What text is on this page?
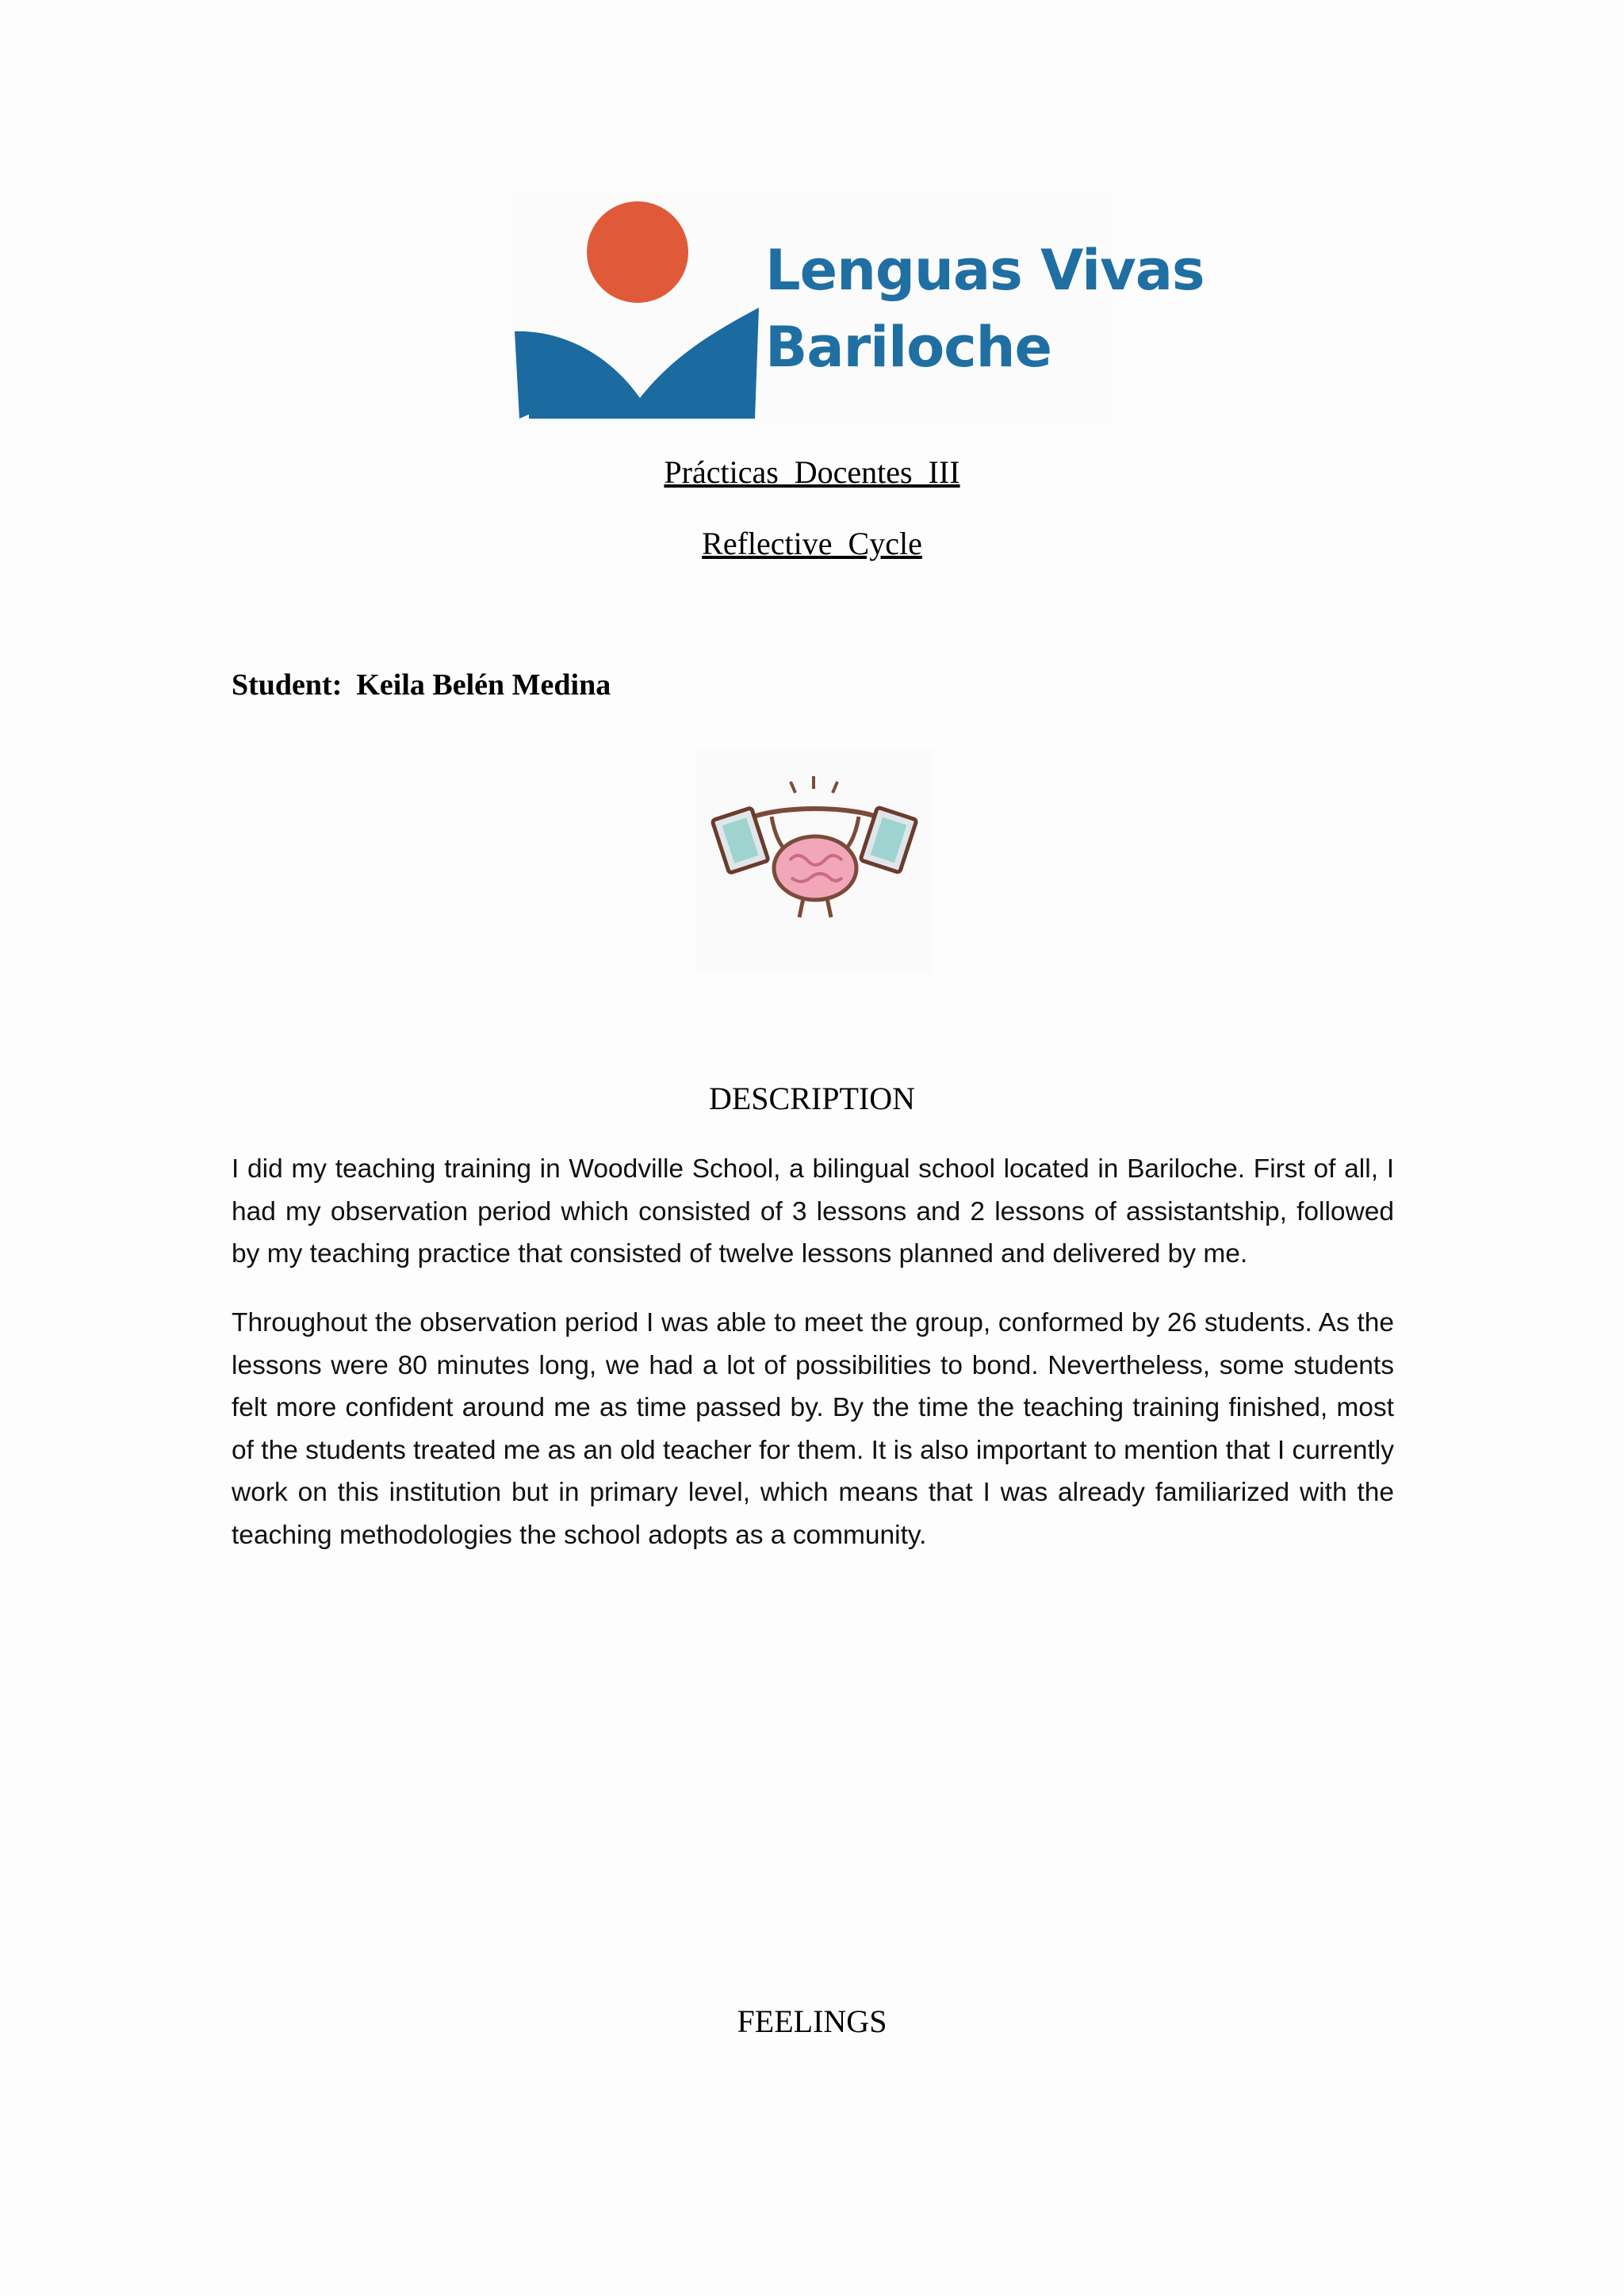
Lenguas Vivas
Bariloche
Prácticas Docentes III
Reflective Cycle
Student: Keila Belén Medina
DESCRIPTION

I did my teaching training in Woodville School, a bilingual school located in Bariloche. First of all, I had my observation period which consisted of 3 lessons and 2 lessons of assistantship, followed by my teaching practice that consisted of twelve lessons planned and delivered by me.

Throughout the observation period I was able to meet the group, conformed by 26 students. As the lessons were 80 minutes long, we had a lot of possibilities to bond. Nevertheless, some students felt more confident around me as time passed by. By the time the teaching training finished, most of the students treated me as an old teacher for them. It is also important to mention that I currently work on this institution but in primary level, which means that I was already familiarized with the teaching methodologies the school adopts as a community.

FEELINGS
